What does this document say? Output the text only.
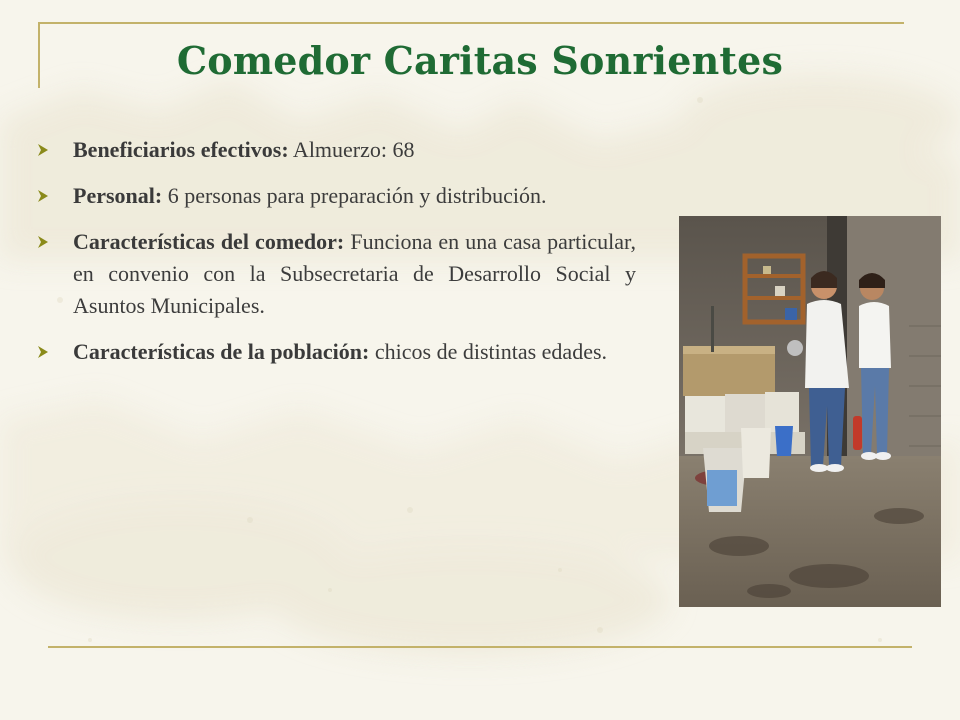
Comedor Caritas Sonrientes
Beneficiarios efectivos: Almuerzo: 68
Personal: 6 personas para preparación y distribución.
Características del comedor: Funciona en una casa particular, en convenio con la Subsecretaria de Desarrollo Social y Asuntos Municipales.
Características de la población: chicos de distintas edades.
